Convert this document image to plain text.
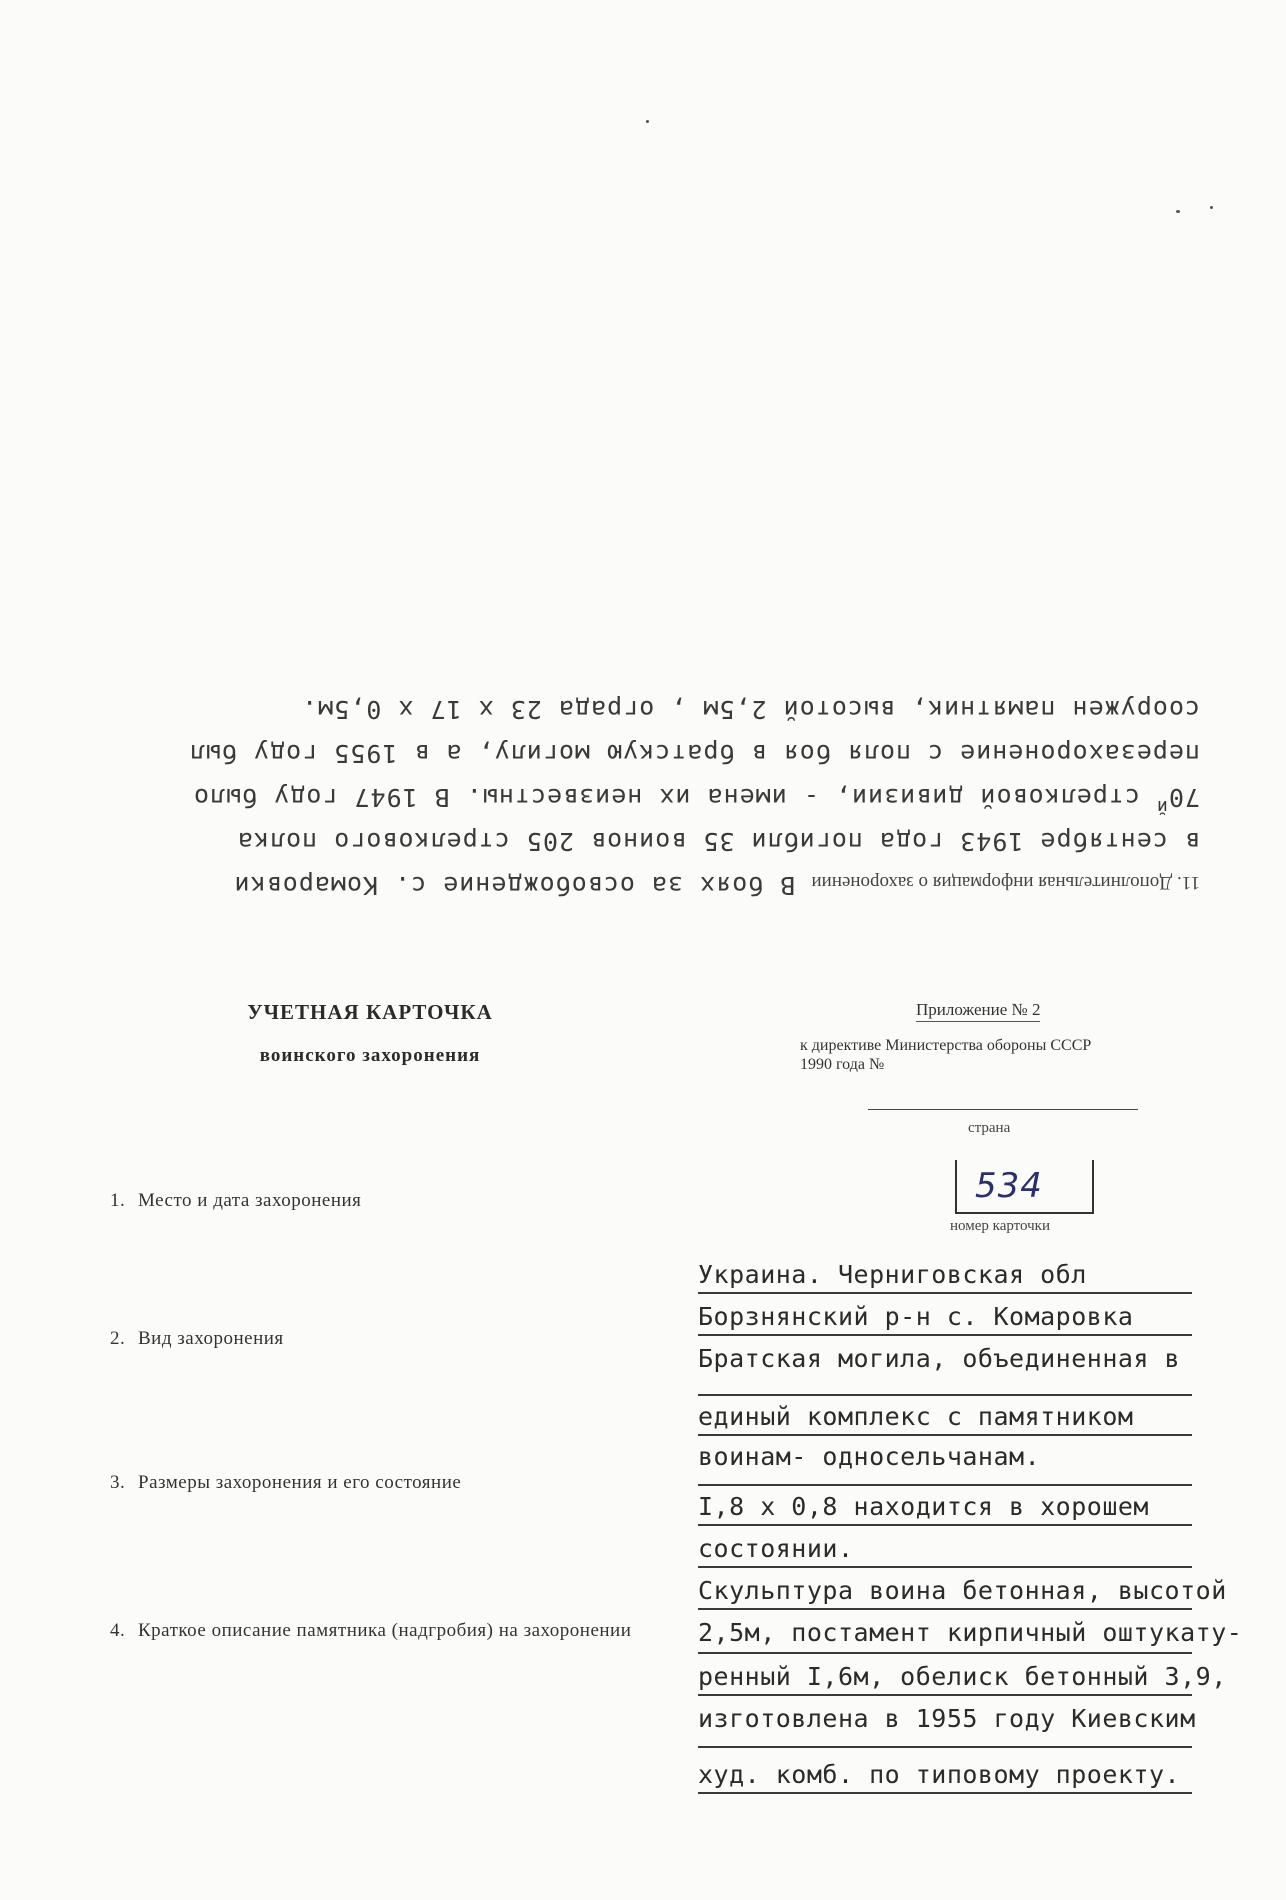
11. Дополнительная информация о захоронении В боях за освобождение с. Комаровки
в сентябре 1943 года погибли 35 воинов 205 стрелкового полка
$70^й$ стрелковой дивизии, - имена их неизвестны. В 1947 году было
перезахоронение с поля боя в братскую могилу, а в 1955 году был
сооружен памятник, высотой 2,5м , ограда 23 х 17 х 0,5м.
УЧЕТНАЯ КАРТОЧКА
воинского захоронения
Приложение № 2
к директиве Министерства обороны СССР
1990 года №
страна
534
номер карточки
1. Место и дата захоронения
2. Вид захоронения
3. Размеры захоронения и его состояние
4. Краткое описание памятника (надгробия) на захоронении
Украина. Черниговская обл
Борзнянский р-н с. Комаровка
Братская могила, объединенная в
единый комплекс с памятником
воинам- односельчанам.
I,8 х 0,8 находится в хорошем
состоянии.
Скульптура воина бетонная, высотой
2,5м, постамент кирпичный оштукату-
ренный I,6м, обелиск бетонный 3,9,
изготовлена в 1955 году Киевским
худ. комб. по типовому проекту.
